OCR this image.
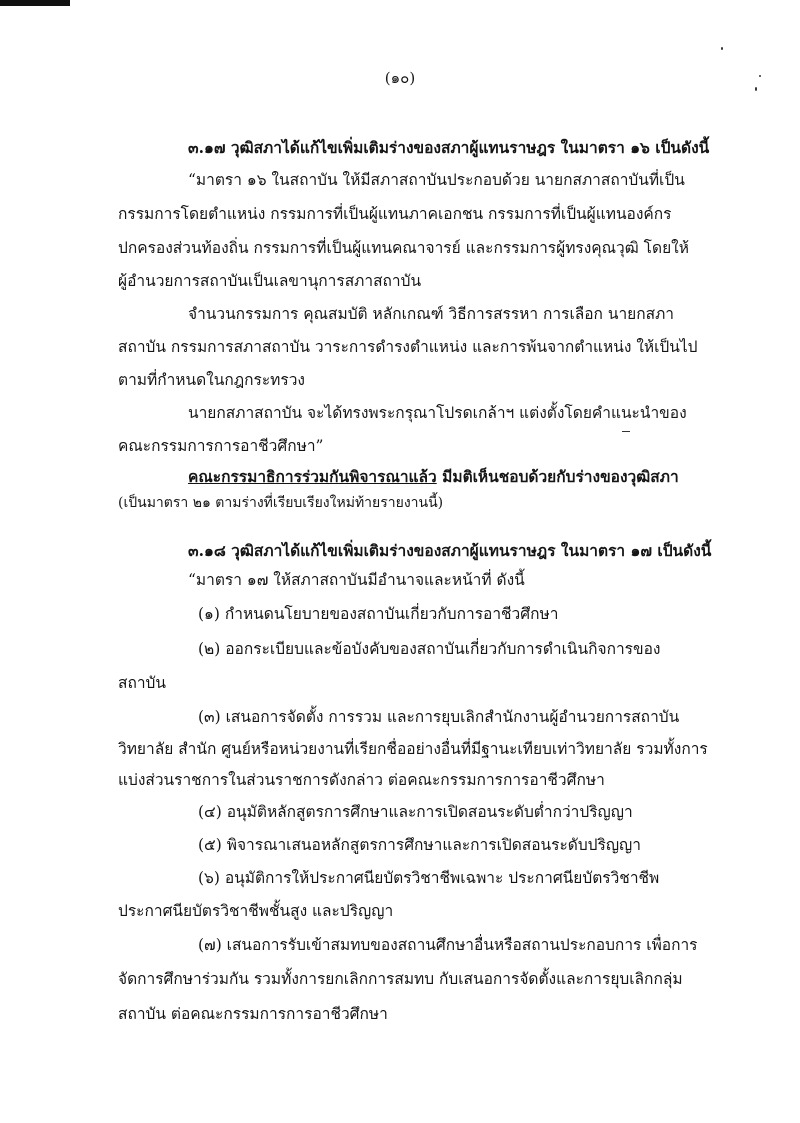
(๑๐)
๓.๑๗ วุฒิสภาได้แก้ไขเพิ่มเติมร่างของสภาผู้แทนราษฎร ในมาตรา ๑๖ เป็นดังนี้
“มาตรา ๑๖ ในสถาบัน ให้มีสภาสถาบันประกอบด้วย นายกสภาสถาบันที่เป็น
กรรมการโดยตำแหน่ง กรรมการที่เป็นผู้แทนภาคเอกชน กรรมการที่เป็นผู้แทนองค์กร
ปกครองส่วนท้องถิ่น กรรมการที่เป็นผู้แทนคณาจารย์ และกรรมการผู้ทรงคุณวุฒิ โดยให้
ผู้อำนวยการสถาบันเป็นเลขานุการสภาสถาบัน
จำนวนกรรมการ คุณสมบัติ หลักเกณฑ์ วิธีการสรรหา การเลือก นายกสภา
สถาบัน กรรมการสภาสถาบัน วาระการดำรงตำแหน่ง และการพ้นจากตำแหน่ง ให้เป็นไป
ตามที่กำหนดในกฎกระทรวง
นายกสภาสถาบัน จะได้ทรงพระกรุณาโปรดเกล้าฯ แต่งตั้งโดยคำแนะนำของ
คณะกรรมการการอาชีวศึกษา”
คณะกรรมาธิการร่วมกันพิจารณาแล้ว มีมติเห็นชอบด้วยกับร่างของวุฒิสภา
(เป็นมาตรา ๒๑ ตามร่างที่เรียบเรียงใหม่ท้ายรายงานนี้)
๓.๑๘ วุฒิสภาได้แก้ไขเพิ่มเติมร่างของสภาผู้แทนราษฎร ในมาตรา ๑๗ เป็นดังนี้
“มาตรา ๑๗ ให้สภาสถาบันมีอำนาจและหน้าที่ ดังนี้
(๑) กำหนดนโยบายของสถาบันเกี่ยวกับการอาชีวศึกษา
(๒) ออกระเบียบและข้อบังคับของสถาบันเกี่ยวกับการดำเนินกิจการของ
สถาบัน
(๓) เสนอการจัดตั้ง การรวม และการยุบเลิกสำนักงานผู้อำนวยการสถาบัน
วิทยาลัย สำนัก ศูนย์หรือหน่วยงานที่เรียกชื่ออย่างอื่นที่มีฐานะเทียบเท่าวิทยาลัย รวมทั้งการ
แบ่งส่วนราชการในส่วนราชการดังกล่าว ต่อคณะกรรมการการอาชีวศึกษา
(๔) อนุมัติหลักสูตรการศึกษาและการเปิดสอนระดับต่ำกว่าปริญญา
(๕) พิจารณาเสนอหลักสูตรการศึกษาและการเปิดสอนระดับปริญญา
(๖) อนุมัติการให้ประกาศนียบัตรวิชาชีพเฉพาะ ประกาศนียบัตรวิชาชีพ
ประกาศนียบัตรวิชาชีพชั้นสูง และปริญญา
(๗) เสนอการรับเข้าสมทบของสถานศึกษาอื่นหรือสถานประกอบการ เพื่อการ
จัดการศึกษาร่วมกัน รวมทั้งการยกเลิกการสมทบ กับเสนอการจัดตั้งและการยุบเลิกกลุ่ม
สถาบัน ต่อคณะกรรมการการอาชีวศึกษา
